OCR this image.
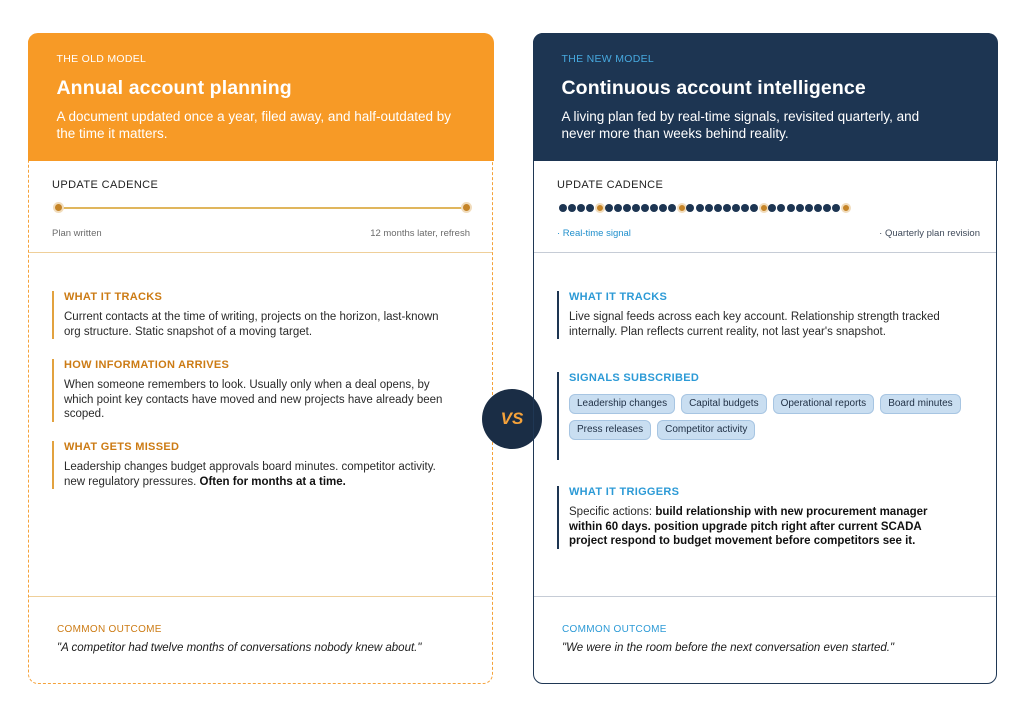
THE OLD MODEL

Annual account planning

A document updated once a year, filed away, and half-outdated by the time it matters.

UPDATE CADENCE
Plan written	12 months later, refresh

WHAT IT TRACKS

Current contacts at the time of writing, projects on the horizon, last-known org structure. Static snapshot of a moving target.

HOW INFORMATION ARRIVES

When someone remembers to look. Usually only when a deal opens, by which point key contacts have moved and new projects have already been scoped.

WHAT GETS MISSED

Leadership changes budget approvals board minutes. competitor activity. new regulatory pressures. Often for months at a time.

COMMON OUTCOME
"A competitor had twelve months of conversations nobody knew about."
VS

THE NEW MODEL

Continuous account intelligence

A living plan fed by real-time signals, revisited quarterly, and never more than weeks behind reality.

UPDATE CADENCE
· Real-time signal	· Quarterly plan revision

WHAT IT TRACKS

Live signal feeds across each key account. Relationship strength tracked internally. Plan reflects current reality, not last year's snapshot.

SIGNALS SUBSCRIBED

Leadership changes	Capital budgets	Operational reports	Board minutes
Press releases	Competitor activity

WHAT IT TRIGGERS

Specific actions: build relationship with new procurement manager within 60 days. position upgrade pitch right after current SCADA project respond to budget movement before competitors see it.

COMMON OUTCOME
"We were in the room before the next conversation even started."
